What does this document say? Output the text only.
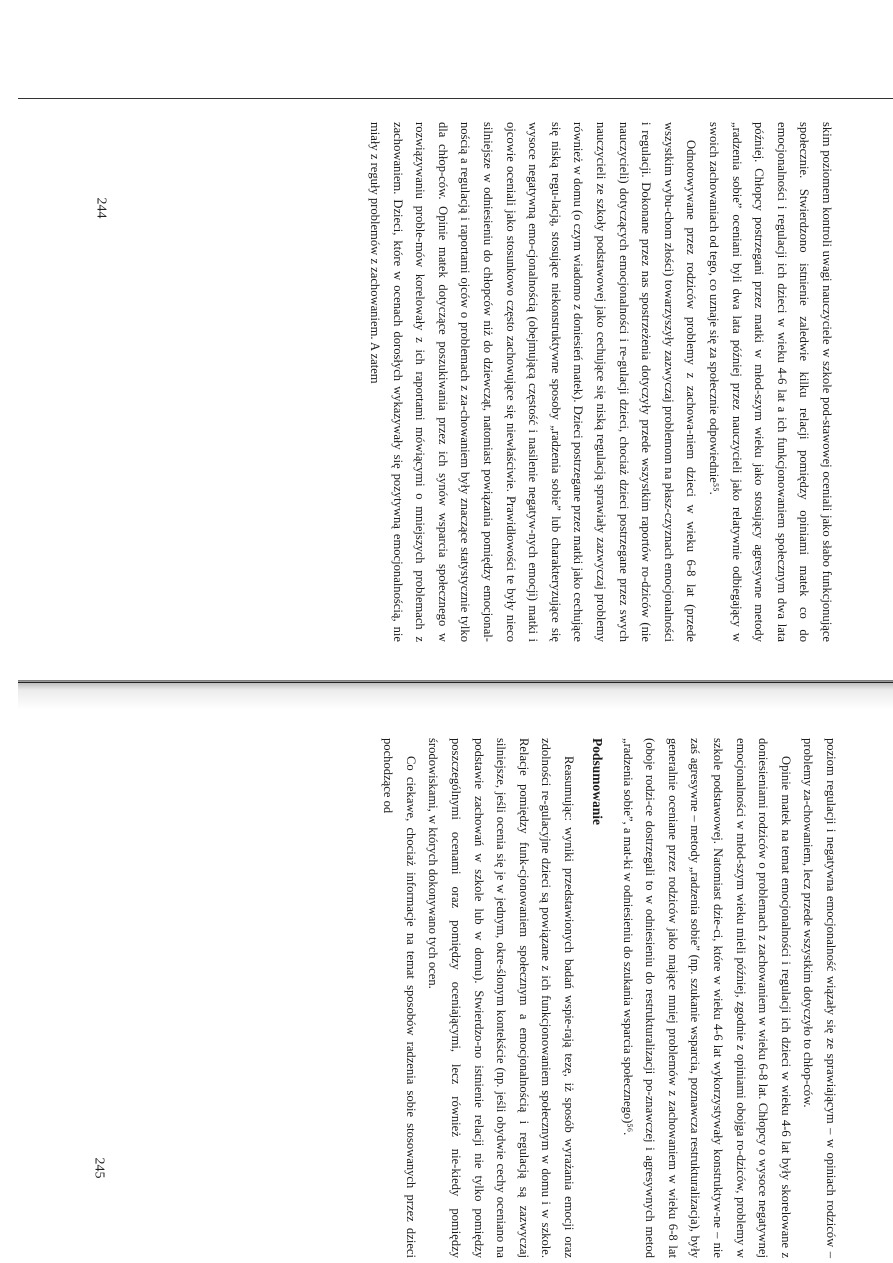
skim poziomem kontroli uwagi nauczyciele w szkole pod-stawowej oceniali jako słabo funkcjonujące społecznie. Stwierdzono istnienie zaledwie kilku relacji pomiędzy opiniami matek co do emocjonalności i regulacji ich dzieci w wieku 4-6 lat a ich funkcjonowaniem społecznym dwa lata później. Chłopcy postrzegani przez matki w młod-szym wieku jako stosujący agresywne metody „radzenia sobie” oceniani byli dwa lata później przez nauczycieli jako relatywnie odbiegający w swoich zachowaniach od tego, co uznaje się za społecznie odpowiednie⁵⁵.

Odnotowywane przez rodziców problemy z zachowa-niem dzieci w wieku 6-8 lat (przede wszystkim wybu-chom złości) towarzyszyły zazwyczaj problemom na płasz-czyznach emocjonalności i regulacji. Dokonane przez nas spostrzeżenia dotyczyły przede wszystkim raportów ro-dziców (nie nauczycieli) dotyczących emocjonalności i re-gulacji dzieci, chociaż dzieci postrzegane przez swych nauczycieli ze szkoły podstawowej jako cechujące się niską regulacją sprawiały zazwyczaj problemy również w domu (o czym wiadomo z doniesień matek). Dzieci postrzegane przez matki jako cechujące się niską regu-lacją, stosujące niekonstruktywne sposoby „radzenia sobie” lub charakteryzujące się wysoce negatywną emo-cjonalnością (obejmującą częstość i nasilenie negatyw-nych emocji) matki i ojcowie oceniali jako stosunkowo często zachowujące się niewłaściwie. Prawidłowości te były nieco silniejsze w odniesieniu do chłopców niż do dziewcząt, natomiast powiązania pomiędzy emocjonal-nością a regulacją i raportami ojców o problemach z za-chowaniem były znaczące statystycznie tylko dla chłop-ców. Opinie matek dotyczące poszukiwania przez ich synów wsparcia społecznego w rozwiązywaniu proble-mów korelowały z ich raportami mówiącymi o mniejszych problemach z zachowaniem. Dzieci, które w ocenach dorosłych wykazywały się pozytywną emocjonalnością, nie miały z reguły problemów z zachowaniem. A zatem

244

poziom regulacji i negatywna emocjonalność wiązały się ze sprawiającym – w opiniach rodziców – problemy za-chowaniem, lecz przede wszystkim dotyczyło to chłop-ców.

Opinie matek na temat emocjonalności i regulacji ich dzieci w wieku 4-6 lat były skorelowane z doniesieniami rodziców o problemach z zachowaniem w wieku 6-8 lat. Chłopcy o wysoce negatywnej emocjonalności w młod-szym wieku mieli później, zgodnie z opiniami obojga ro-dziców, problemy w szkole podstawowej. Natomiast dzie-ci, które w wieku 4-6 lat wykorzystywały konstruktyw-ne – nie zaś agresywne – metody „radzenia sobie” (np. szukanie wsparcia, poznawcza restrukturalizacja), były generalnie oceniane przez rodziców jako mające mniej problemów z zachowaniem w wieku 6-8 lat (oboje rodzi-ce dostrzegali to w odniesieniu do restrukturalizacji po-znawczej i agresywnych metod „radzenia sobie”, a mat-ki w odniesieniu do szukania wsparcia społecznego)⁵⁶.

Podsumowanie

Reasumując: wyniki przedstawionych badań wspie-rają tezę, iż sposób wyrażania emocji oraz zdolności re-gulacyjne dzieci są powiązane z ich funkcjonowaniem społecznym w domu i w szkole. Relacje pomiędzy funk-cjonowaniem społecznym a emocjonalnością i regulacją są zazwyczaj silniejsze, jeśli ocenia się je w jednym, okre-ślonym kontekście (np. jeśli obydwie cechy oceniano na podstawie zachowań w szkole lub w domu). Stwierdzo-no istnienie relacji nie tylko pomiędzy poszczególnymi ocenami oraz pomiędzy oceniającymi, lecz również nie-kiedy pomiędzy środowiskami, w których dokonywano tych ocen.

Co ciekawe, chociaż informacje na temat sposobów radzenia sobie stosowanych przez dzieci pochodzące od

245
